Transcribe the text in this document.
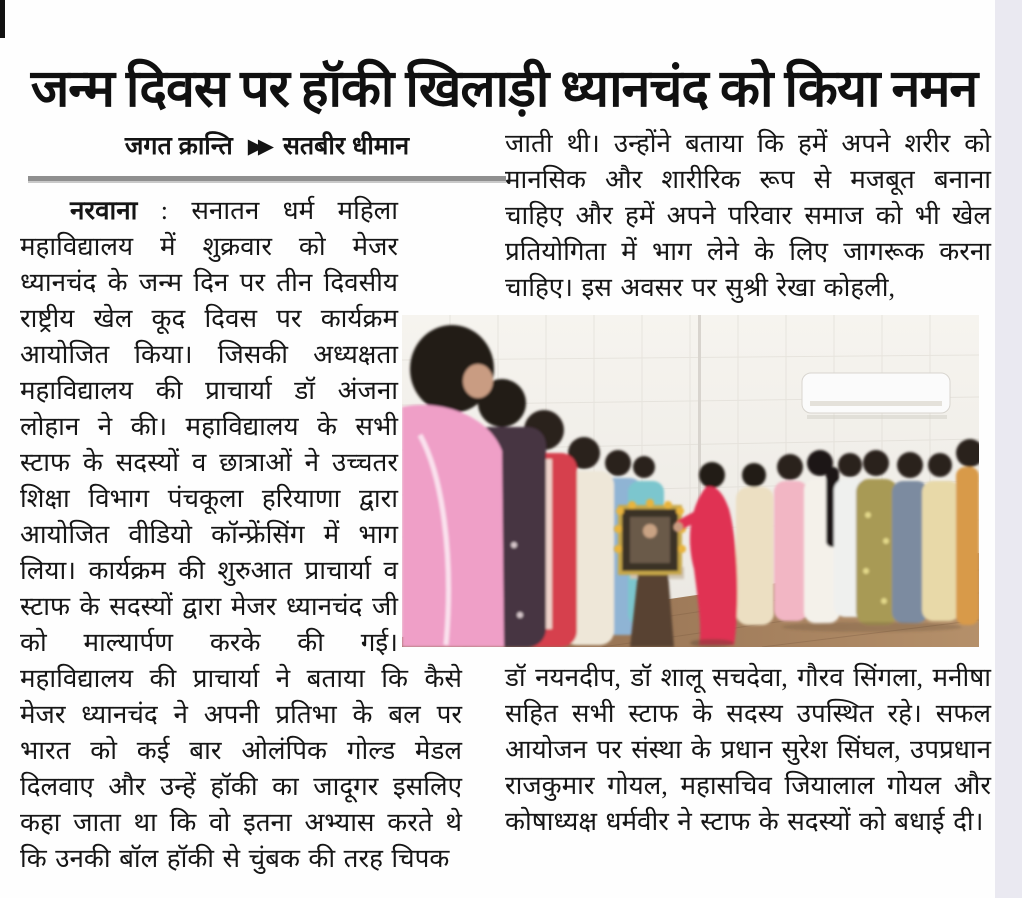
जन्म दिवस पर हॉकी खिलाड़ी ध्यानचंद को किया नमन
जगत क्रान्ति ▶▶ सतबीर धीमान

नरवाना : सनातन धर्म महिला महाविद्यालय में शुक्रवार को मेजर ध्यानचंद के जन्म दिन पर तीन दिवसीय राष्ट्रीय खेल कूद दिवस पर कार्यक्रम आयोजित किया। जिसकी अध्यक्षता महाविद्यालय की प्राचार्या डॉ अंजना लोहान ने की। महाविद्यालय के सभी स्टाफ के सदस्यों व छात्राओं ने उच्चतर शिक्षा विभाग पंचकूला हरियाणा द्वारा आयोजित वीडियो कॉन्फ्रेंसिंग में भाग लिया। कार्यक्रम की शुरुआत प्राचार्या व स्टाफ के सदस्यों द्वारा मेजर ध्यानचंद जी को माल्यार्पण करके की गई। महाविद्यालय की प्राचार्या ने बताया कि कैसे मेजर ध्यानचंद ने अपनी प्रतिभा के बल पर भारत को कई बार ओलंपिक गोल्ड मेडल दिलवाए और उन्हें हॉकी का जादूगर इसलिए कहा जाता था कि वो इतना अभ्यास करते थे कि उनकी बॉल हॉकी से चुंबक की तरह चिपक

जाती थी। उन्होंने बताया कि हमें अपने शरीर को मानसिक और शारीरिक रूप से मजबूत बनाना चाहिए और हमें अपने परिवार समाज को भी खेल प्रतियोगिता में भाग लेने के लिए जागरूक करना चाहिए। इस अवसर पर सुश्री रेखा कोहली,

डॉ नयनदीप, डॉ शालू सचदेवा, गौरव सिंगला, मनीषा सहित सभी स्टाफ के सदस्य उपस्थित रहे। सफल आयोजन पर संस्था के प्रधान सुरेश सिंघल, उपप्रधान राजकुमार गोयल, महासचिव जियालाल गोयल और कोषाध्यक्ष धर्मवीर ने स्टाफ के सदस्यों को बधाई दी।
